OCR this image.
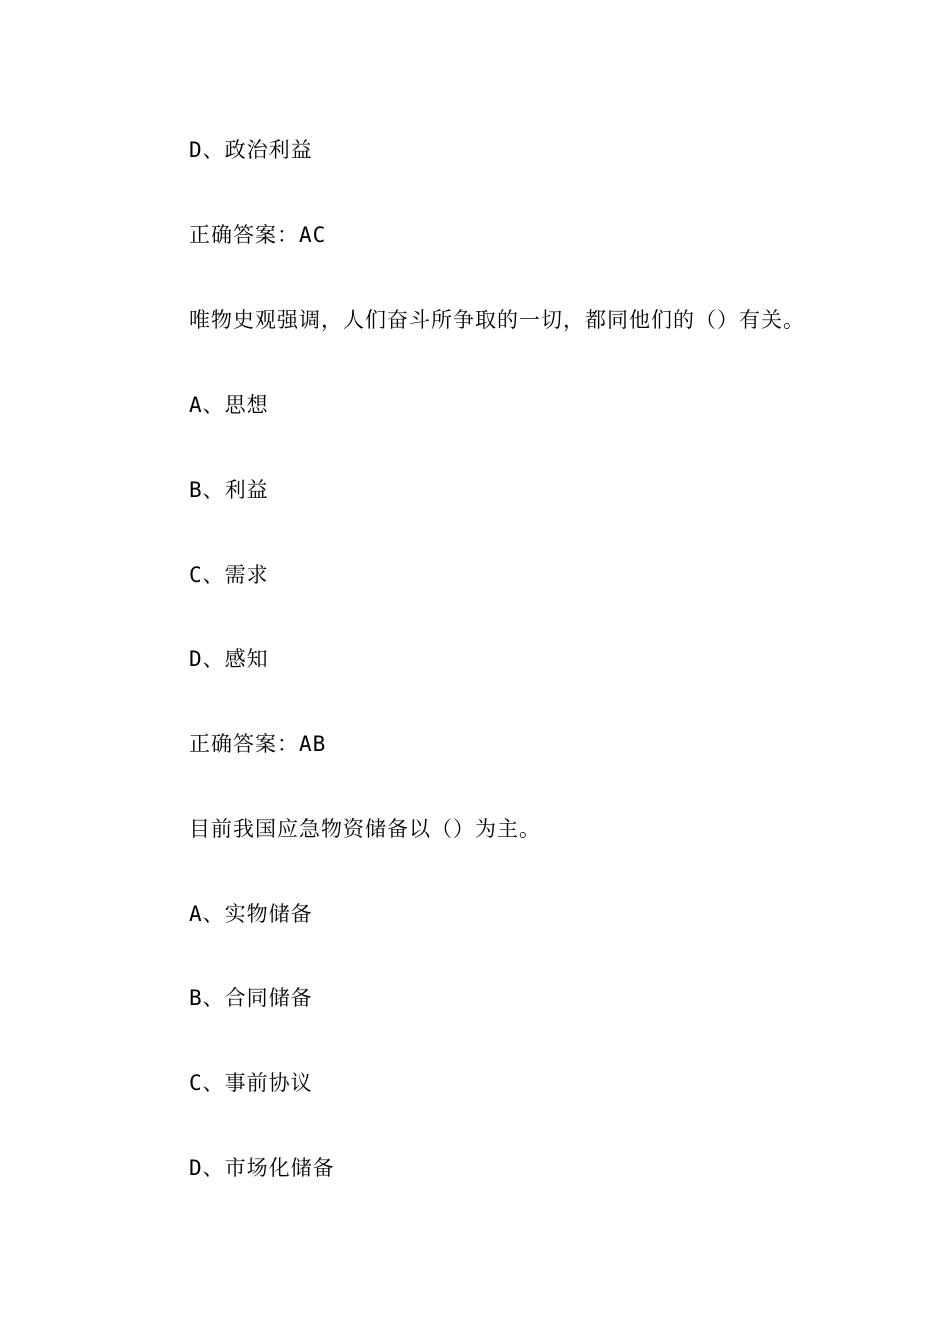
D、政治利益
正确答案：AC
唯物史观强调，人们奋斗所争取的一切，都同他们的（）有关。
A、思想
B、利益
C、需求
D、感知
正确答案：AB
目前我国应急物资储备以（）为主。
A、实物储备
B、合同储备
C、事前协议
D、市场化储备
